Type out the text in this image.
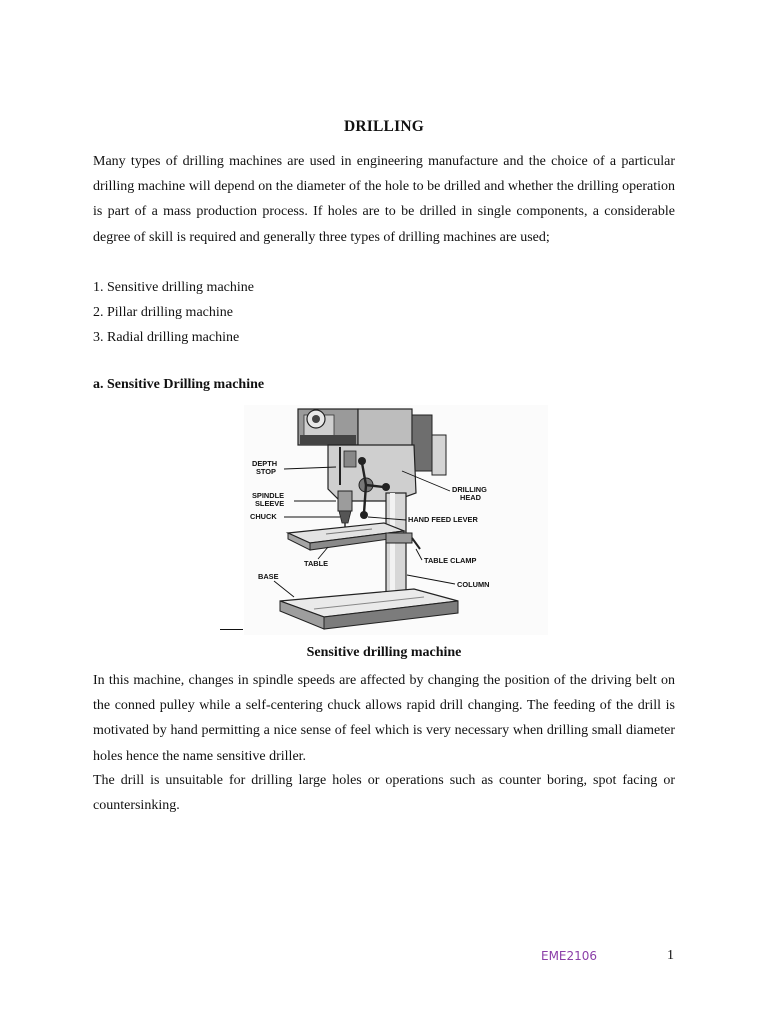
DRILLING

Many types of drilling machines are used in engineering manufacture and the choice of a particular drilling machine will depend on the diameter of the hole to be drilled and whether the drilling operation is part of a mass production process. If holes are to be drilled in single components, a considerable degree of skill is required and generally three types of drilling machines are used;

1. Sensitive drilling machine
2. Pillar drilling machine
3. Radial drilling machine
a. Sensitive Drilling machine
DEPTH
STOP
SPINDLE
SLEEVE
CHUCK
DRILLING
HEAD
HAND FEED LEVER
TABLE	TABLE CLAMP
BASE
COLUMN
Sensitive drilling machine

In this machine, changes in spindle speeds are affected by changing the position of the driving belt on the conned pulley while a self-centering chuck allows rapid drill changing. The feeding of the drill is motivated by hand permitting a nice sense of feel which is very necessary when drilling small diameter holes hence the name sensitive driller.

The drill is unsuitable for drilling large holes or operations such as counter boring, spot facing or countersinking.

EME2106	1
